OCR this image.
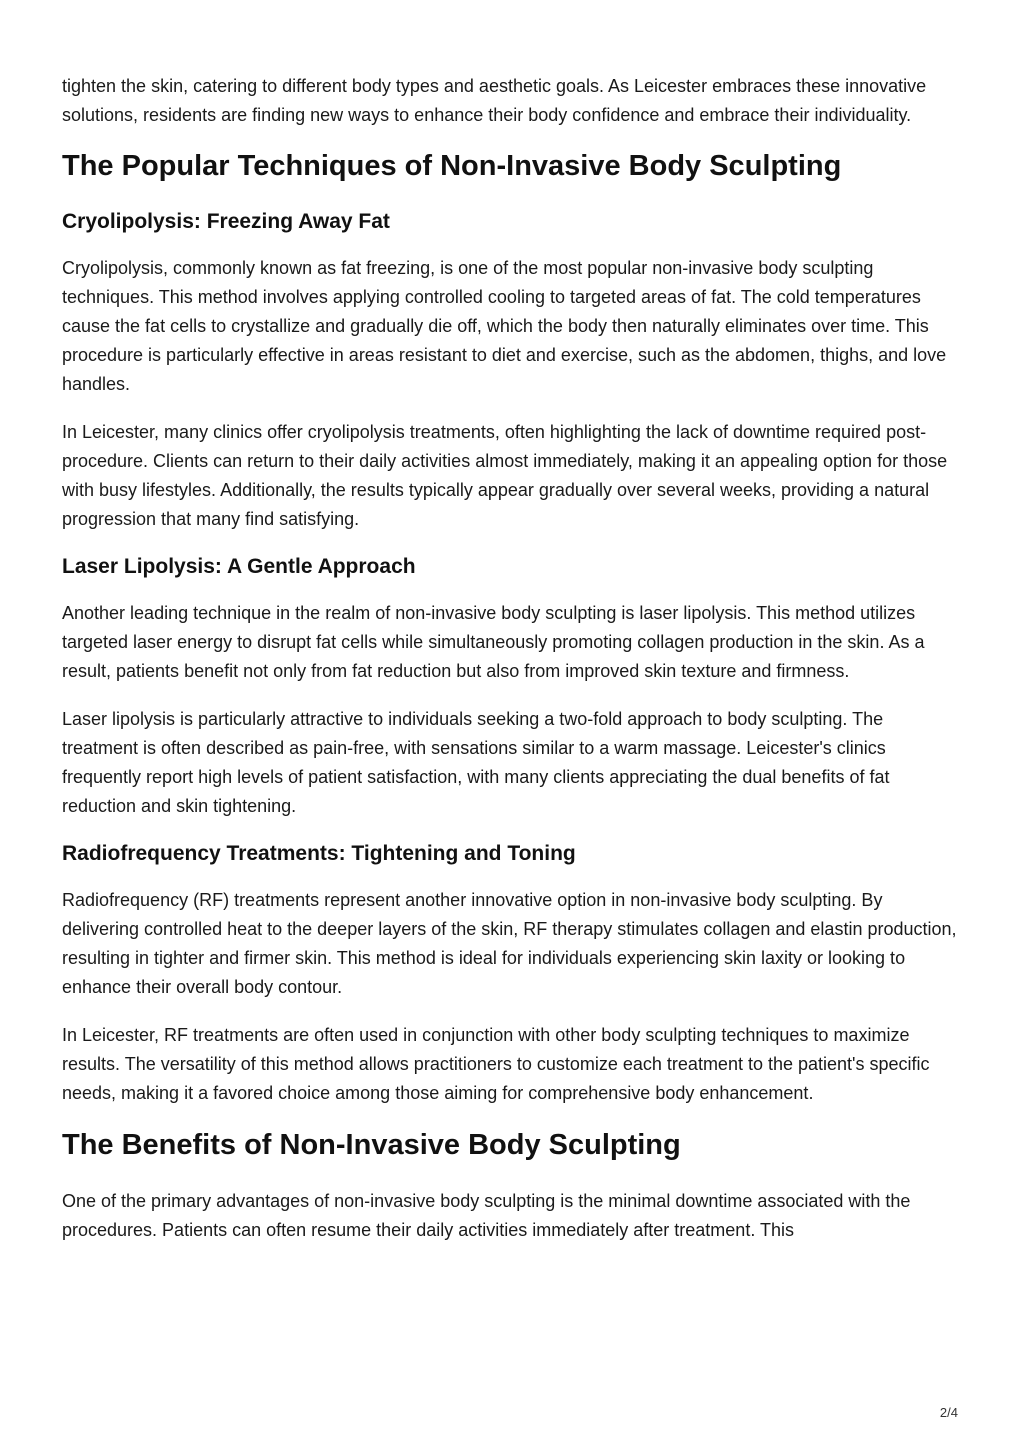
tighten the skin, catering to different body types and aesthetic goals. As Leicester embraces these innovative solutions, residents are finding new ways to enhance their body confidence and embrace their individuality.

The Popular Techniques of Non-Invasive Body Sculpting
Cryolipolysis: Freezing Away Fat

Cryolipolysis, commonly known as fat freezing, is one of the most popular non-invasive body sculpting techniques. This method involves applying controlled cooling to targeted areas of fat. The cold temperatures cause the fat cells to crystallize and gradually die off, which the body then naturally eliminates over time. This procedure is particularly effective in areas resistant to diet and exercise, such as the abdomen, thighs, and love handles.

In Leicester, many clinics offer cryolipolysis treatments, often highlighting the lack of downtime required post-procedure. Clients can return to their daily activities almost immediately, making it an appealing option for those with busy lifestyles. Additionally, the results typically appear gradually over several weeks, providing a natural progression that many find satisfying.

Laser Lipolysis: A Gentle Approach

Another leading technique in the realm of non-invasive body sculpting is laser lipolysis. This method utilizes targeted laser energy to disrupt fat cells while simultaneously promoting collagen production in the skin. As a result, patients benefit not only from fat reduction but also from improved skin texture and firmness.

Laser lipolysis is particularly attractive to individuals seeking a two-fold approach to body sculpting. The treatment is often described as pain-free, with sensations similar to a warm massage. Leicester's clinics frequently report high levels of patient satisfaction, with many clients appreciating the dual benefits of fat reduction and skin tightening.

Radiofrequency Treatments: Tightening and Toning

Radiofrequency (RF) treatments represent another innovative option in non-invasive body sculpting. By delivering controlled heat to the deeper layers of the skin, RF therapy stimulates collagen and elastin production, resulting in tighter and firmer skin. This method is ideal for individuals experiencing skin laxity or looking to enhance their overall body contour.

In Leicester, RF treatments are often used in conjunction with other body sculpting techniques to maximize results. The versatility of this method allows practitioners to customize each treatment to the patient's specific needs, making it a favored choice among those aiming for comprehensive body enhancement.

The Benefits of Non-Invasive Body Sculpting

One of the primary advantages of non-invasive body sculpting is the minimal downtime associated with the procedures. Patients can often resume their daily activities immediately after treatment. This

2/4
